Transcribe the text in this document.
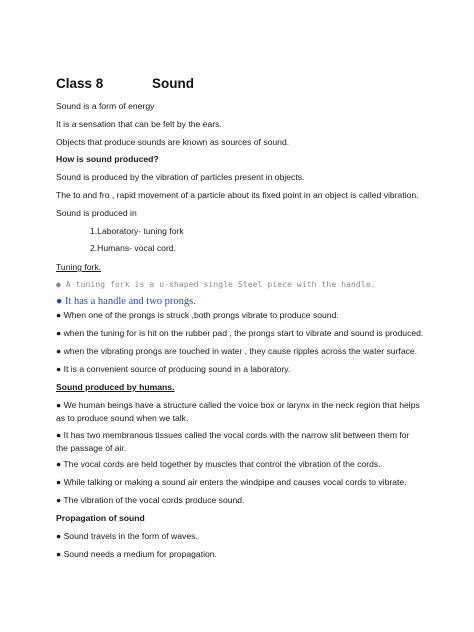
Class 8	Sound
Sound is a form of energy
It is a sensation that can be felt by the ears.
Objects that produce sounds are known as sources of sound.
How is sound produced?
Sound is produced by the vibration of particles present in objects.
The to and fro , rapid movement of a particle about its fixed point in an object is called vibration.
Sound is produced in
1.Laboratory- tuning fork
2.Humans- vocal cord.
Tuning fork.
● A tuning fork is a u-shaped single Steel piece with the handle.
● It has a handle and two prongs.
● When one of the prongs is struck ,both prongs vibrate to produce sound.
● when the tuning for is hit on the rubber pad , the prongs start to vibrate and sound is produced.
● when the vibrating prongs are touched in water , they cause ripples across the water surface.
● It is a convenient source of producing sound in a laboratory.
Sound produced by humans.
● We human beings have a structure called the voice box or larynx in the neck region that helps as to produce sound when we talk.
● It has two membranous tissues called the vocal cords with the narrow slit between them for the passage of air.
● The vocal cords are held together by muscles that control the vibration of the cords.
● While talking or making a sound air enters the windpipe and causes vocal cords to vibrate.
● The vibration of the vocal cords produce sound.
Propagation of sound
● Sound travels in the form of waves.
● Sound needs a medium for propagation.
